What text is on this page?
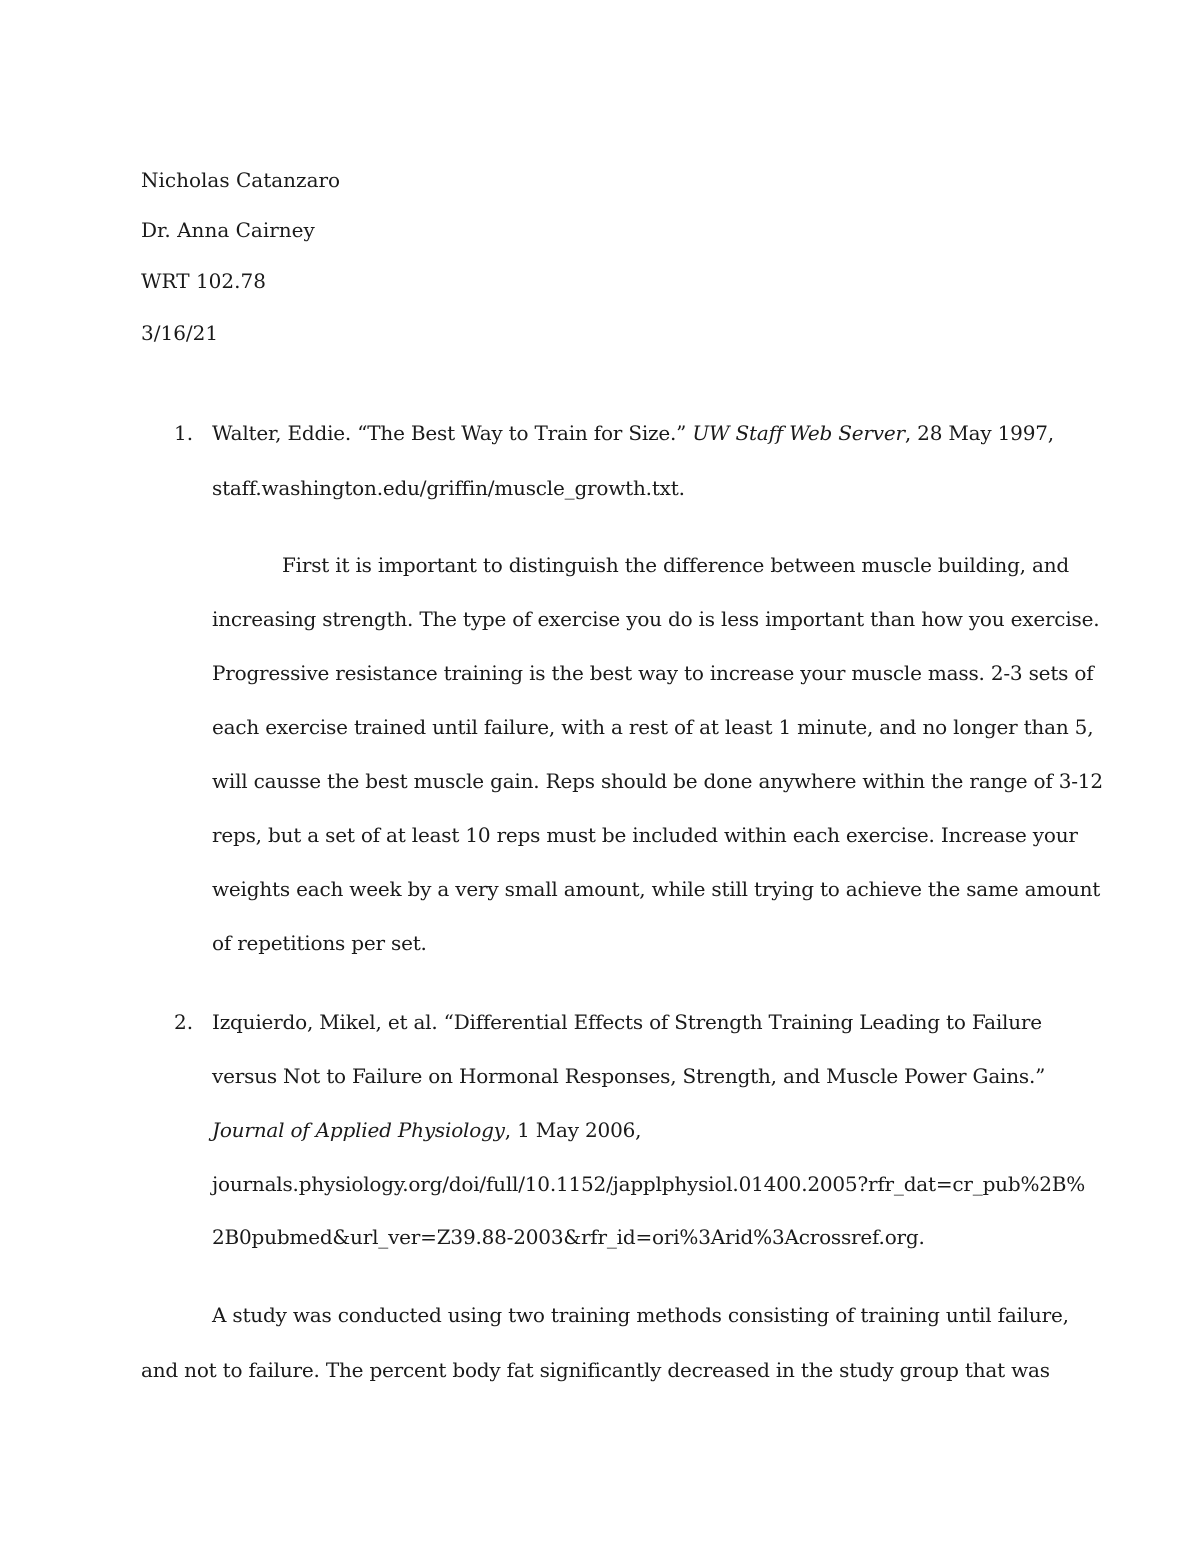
Nicholas Catanzaro
Dr. Anna Cairney
WRT 102.78
3/16/21
1. Walter, Eddie. “The Best Way to Train for Size.” UW Staff Web Server, 28 May 1997,
staff.washington.edu/griffin/muscle_growth.txt.
First it is important to distinguish the difference between muscle building, and
increasing strength. The type of exercise you do is less important than how you exercise.
Progressive resistance training is the best way to increase your muscle mass. 2-3 sets of
each exercise trained until failure, with a rest of at least 1 minute, and no longer than 5,
will causse the best muscle gain. Reps should be done anywhere within the range of 3-12
reps, but a set of at least 10 reps must be included within each exercise. Increase your
weights each week by a very small amount, while still trying to achieve the same amount
of repetitions per set.
2. Izquierdo, Mikel, et al. “Differential Effects of Strength Training Leading to Failure
versus Not to Failure on Hormonal Responses, Strength, and Muscle Power Gains.”
Journal of Applied Physiology, 1 May 2006,
journals.physiology.org/doi/full/10.1152/japplphysiol.01400.2005?rfr_dat=cr_pub%2B%
2B0pubmed&url_ver=Z39.88-2003&rfr_id=ori%3Arid%3Acrossref.org.
A study was conducted using two training methods consisting of training until failure,
and not to failure. The percent body fat significantly decreased in the study group that was
